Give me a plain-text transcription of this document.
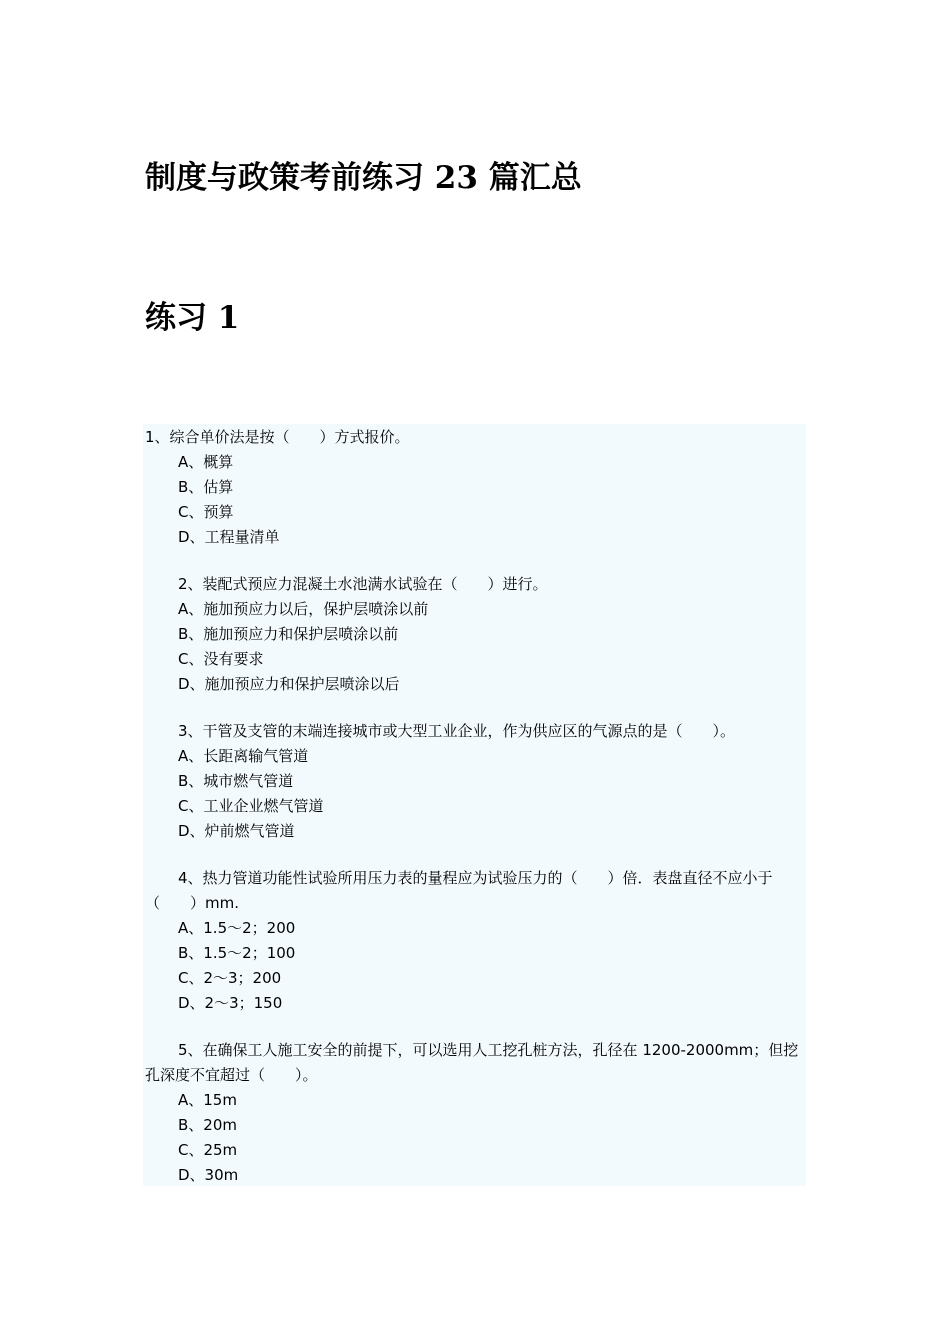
制度与政策考前练习 23 篇汇总
练习 1

1、综合单价法是按（　　）方式报价。

A、概算

B、估算

C、预算

D、工程量清单

2、装配式预应力混凝土水池满水试验在（　　）进行。

A、施加预应力以后，保护层喷涂以前

B、施加预应力和保护层喷涂以前

C、没有要求

D、施加预应力和保护层喷涂以后

3、干管及支管的末端连接城市或大型工业企业，作为供应区的气源点的是（　　）。

A、长距离输气管道

B、城市燃气管道

C、工业企业燃气管道

D、炉前燃气管道

4、热力管道功能性试验所用压力表的量程应为试验压力的（　　）倍．表盘直径不应小于（　　）mm.

A、1.5～2；200

B、1.5～2；100

C、2～3；200

D、2～3；150

5、在确保工人施工安全的前提下，可以选用人工挖孔桩方法，孔径在 1200-2000mm；但挖孔深度不宜超过（　　）。

A、15m

B、20m

C、25m

D、30m
